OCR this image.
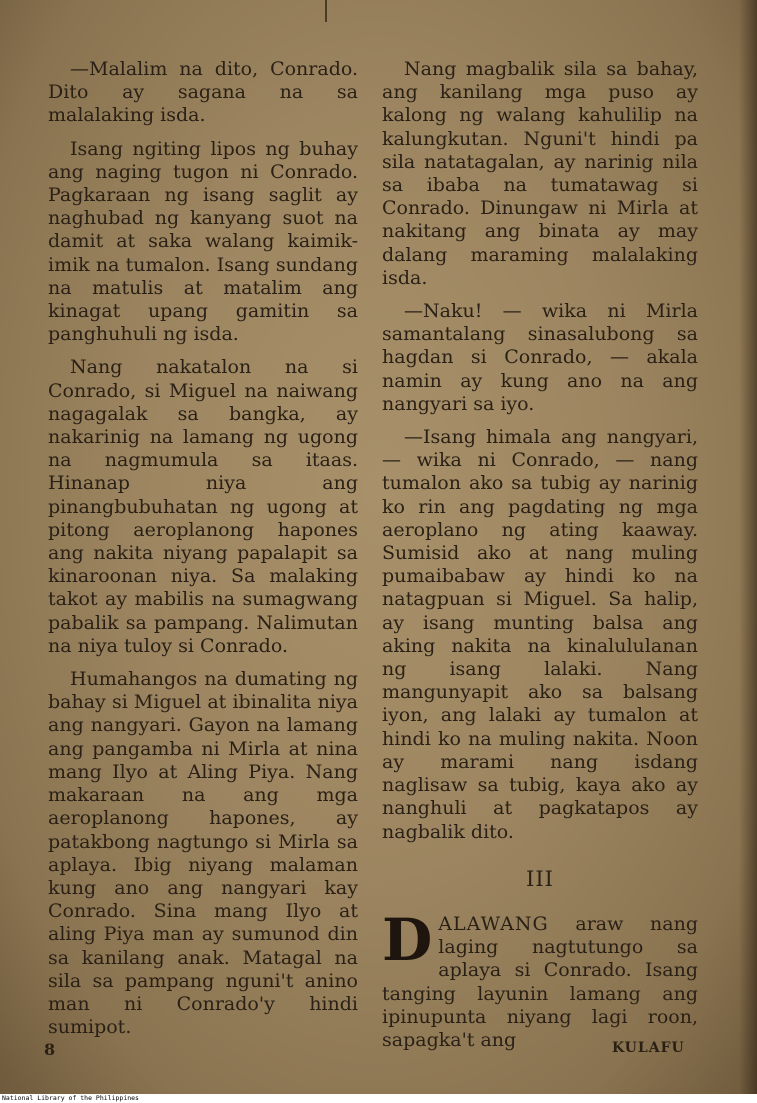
—Malalim na dito, Conrado. Dito ay sagana na sa malalaking isda.

Isang ngiting lipos ng buhay ang naging tugon ni Conrado. Pagkaraan ng isang saglit ay naghubad ng kanyang suot na damit at saka walang kaimik-imik na tumalon. Isang sundang na matulis at matalim ang kinagat upang gamitin sa panghuhuli ng isda.

Nang nakatalon na si Conrado, si Miguel na naiwang nagagalak sa bangka, ay nakarinig na lamang ng ugong na nagmumula sa itaas. Hinanap niya ang pinangbubuhatan ng ugong at pitong aeroplanong hapones ang nakita niyang papalapit sa kinaroonan niya. Sa malaking takot ay mabilis na sumagwang pabalik sa pampang. Nalimutan na niya tuloy si Conrado.

Humahangos na dumating ng bahay si Miguel at ibinalita niya ang nangyari. Gayon na lamang ang pangamba ni Mirla at nina mang Ilyo at Aling Piya. Nang makaraan na ang mga aeroplanong hapones, ay patakbong nagtungo si Mirla sa aplaya. Ibig niyang malaman kung ano ang nangyari kay Conrado. Sina mang Ilyo at aling Piya man ay sumunod din sa kanilang anak. Matagal na sila sa pampang nguni't anino man ni Conrado'y hindi sumipot.

Nang magbalik sila sa bahay, ang kanilang mga puso ay kalong ng walang kahulilip na kalungkutan. Nguni't hindi pa sila natatagalan, ay narinig nila sa ibaba na tumatawag si Conrado. Dinungaw ni Mirla at nakitang ang binata ay may dalang maraming malalaking isda.

—Naku! — wika ni Mirla samantalang sinasalubong sa hagdan si Conrado, — akala namin ay kung ano na ang nangyari sa iyo.

—Isang himala ang nangyari, — wika ni Conrado, — nang tumalon ako sa tubig ay narinig ko rin ang pagdating ng mga aeroplano ng ating kaaway. Sumisid ako at nang muling pumaibabaw ay hindi ko na natagpuan si Miguel. Sa halip, ay isang munting balsa ang aking nakita na kinalululanan ng isang lalaki. Nang mangunyapit ako sa balsang iyon, ang lalaki ay tumalon at hindi ko na muling nakita. Noon ay marami nang isdang naglisaw sa tubig, kaya ako ay nanghuli at pagkatapos ay nagbalik dito.

III

DALAWANG araw nang laging nagtutungo sa aplaya si Conrado. Isang tanging layunin lamang ang ipinupunta niyang lagi roon, sapagka't ang

8	KULAFU
National Library of the Philippines
